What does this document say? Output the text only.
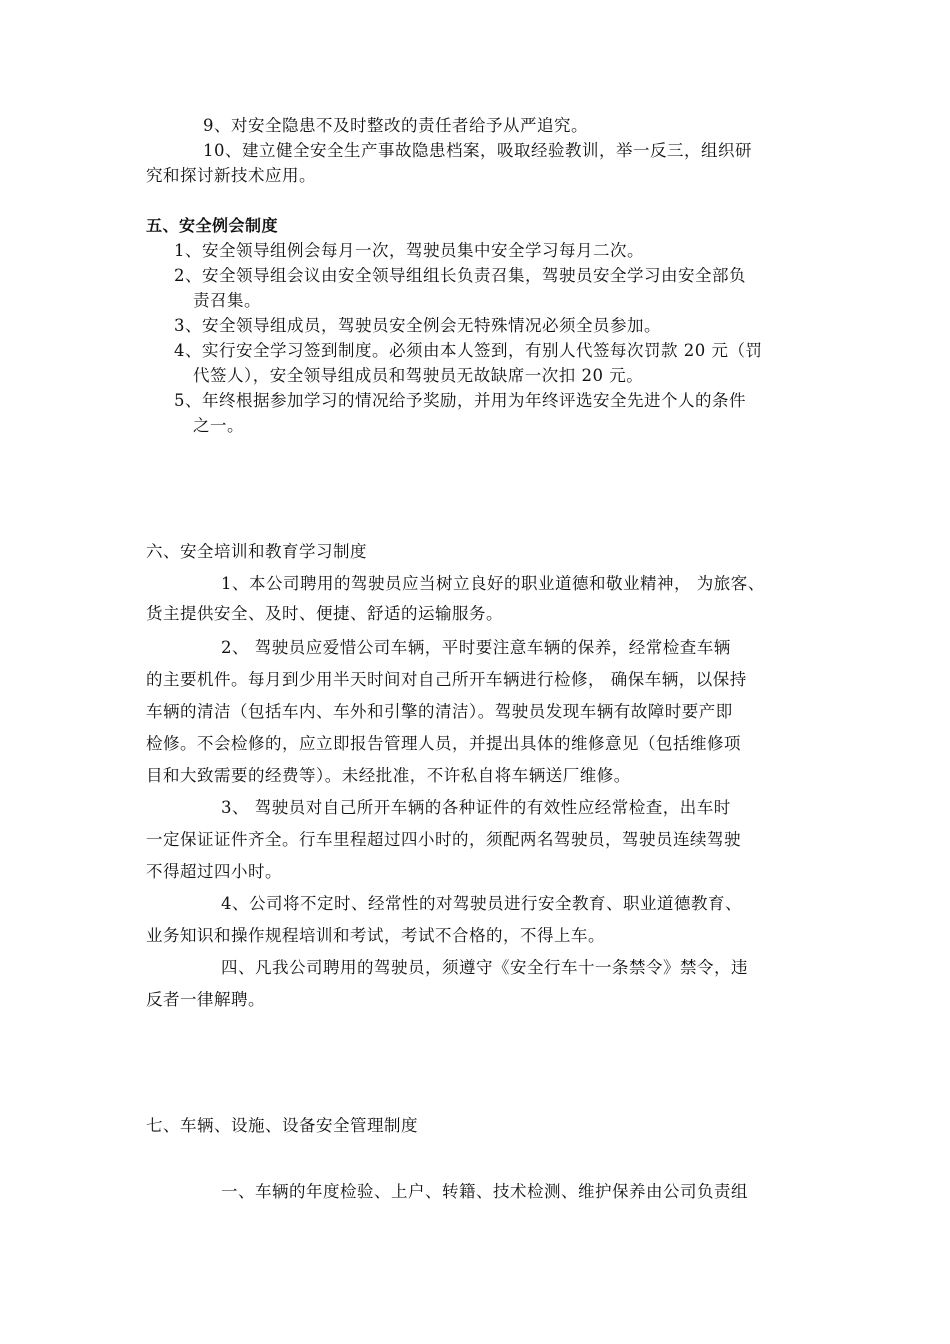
9、对安全隐患不及时整改的责任者给予从严追究。
10、建立健全安全生产事故隐患档案，吸取经验教训，举一反三，组织研
究和探讨新技术应用。
五、安全例会制度
1、安全领导组例会每月一次，驾驶员集中安全学习每月二次。
2、安全领导组会议由安全领导组组长负责召集，驾驶员安全学习由安全部负
责召集。
3、安全领导组成员，驾驶员安全例会无特殊情况必须全员参加。
4、实行安全学习签到制度。必须由本人签到，有别人代签每次罚款 20 元（罚
代签人），安全领导组成员和驾驶员无故缺席一次扣 20 元。
5、年终根据参加学习的情况给予奖励，并用为年终评选安全先进个人的条件
之一。
六、安全培训和教育学习制度
1、本公司聘用的驾驶员应当树立良好的职业道德和敬业精神， 为旅客、
货主提供安全、及时、便捷、舒适的运输服务。
2、 驾驶员应爱惜公司车辆，平时要注意车辆的保养，经常检查车辆
的主要机件。每月到少用半天时间对自己所开车辆进行检修， 确保车辆，以保持
车辆的清洁（包括车内、车外和引擎的清洁）。驾驶员发现车辆有故障时要产即
检修。不会检修的，应立即报告管理人员，并提出具体的维修意见（包括维修项
目和大致需要的经费等）。未经批准，不许私自将车辆送厂维修。
3、 驾驶员对自己所开车辆的各种证件的有效性应经常检查，出车时
一定保证证件齐全。行车里程超过四小时的，须配两名驾驶员，驾驶员连续驾驶
不得超过四小时。
4、公司将不定时、经常性的对驾驶员进行安全教育、职业道德教育、
业务知识和操作规程培训和考试，考试不合格的，不得上车。
四、凡我公司聘用的驾驶员，须遵守《安全行车十一条禁令》禁令，违
反者一律解聘。
七、车辆、设施、设备安全管理制度
一、车辆的年度检验、上户、转籍、技术检测、维护保养由公司负责组
